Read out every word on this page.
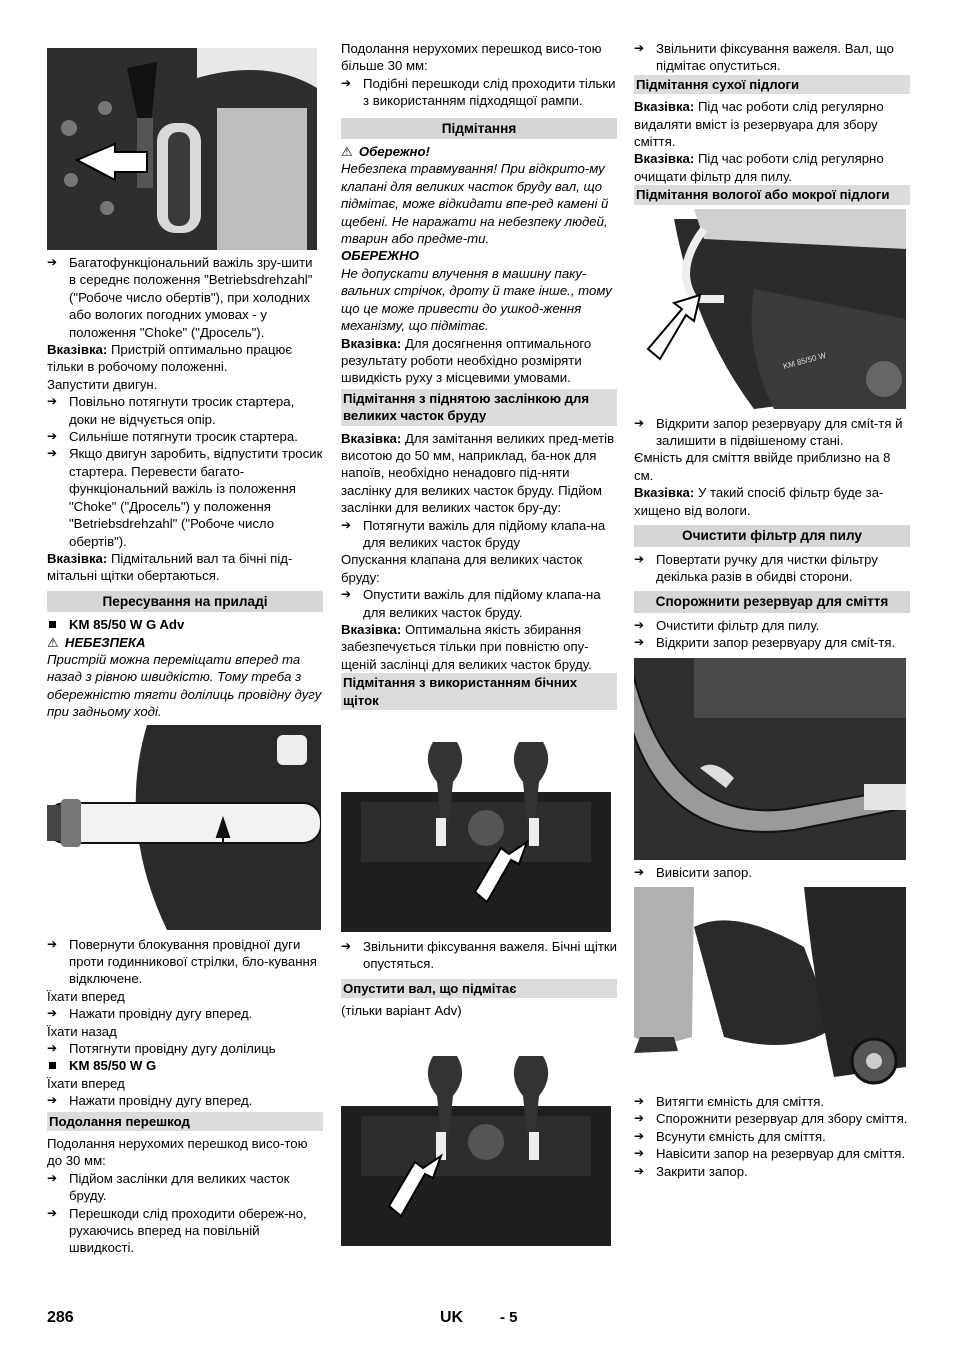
➔ Багатофункціональний важіль зру-шити в середнє положення "Betriebsdrehzahl" ("Робоче число обертів"), при холодних або вологих погодних умовах - у положення "Choke" ("Дросель").

Вказівка: Пристрій оптимально працює тільки в робочому положенні.

Запустити двигун.

➔ Повільно потягнути тросик стартера, доки не відчується опір.

➔ Сильніше потягнути тросик стартера.

➔ Якщо двигун заробить, відпустити тросик стартера. Перевести багато-функціональний важіль із положення "Choke" ("Дросель") у положення "Betriebsdrehzahl" ("Робоче число обертів").

Вказівка: Підмітальний вал та бічні під-мітальні щітки обертаються.

Пересування на приладі

KM 85/50 W G Adv

⚠ НЕБЕЗПЕКА

Пристрій можна переміщати вперед та назад з рівною швидкістю. Тому треба з обережністю тягти долілиць провідну дугу при задньому ході.

➔ Повернути блокування провідної дуги проти годинникової стрілки, бло-кування відключене.

Їхати вперед

➔ Нажати провідну дугу вперед.

Їхати назад

➔ Потягнути провідну дугу долілиць

KM 85/50 W G

Їхати вперед

➔ Нажати провідну дугу вперед.

Подолання перешкод

Подолання нерухомих перешкод висо-тою до 30 мм:

➔ Підйом заслінки для великих часток бруду.

➔ Перешкоди слід проходити обереж-но, рухаючись вперед на повільній швидкості.

Подолання нерухомих перешкод висо-тою більше 30 мм:

➔ Подібні перешкоди слід проходити тільки з використанням підходящої рампи.

Підмітання

⚠ Обережно!

Небезпека травмування! При відкрито-му клапані для великих часток бруду вал, що підмітає, може відкидати впе-ред камені й щебені. Не наражати на небезпеку людей, тварин або предме-ти.

ОБЕРЕЖНО

Не допускати влучення в машину паку-вальних стрічок, дроту й таке інше., тому що це може привести до ушкод-ження механізму, що підмітає.

Вказівка: Для досягнення оптимального результату роботи необхідно розміряти швидкість руху з місцевими умовами.

Підмітання з піднятою заслінкою для великих часток бруду

Вказівка: Для замітання великих пред-метів висотою до 50 мм, наприклад, ба-нок для напоїв, необхідно ненадовго під-няти заслінку для великих часток бруду. Підйом заслінки для великих часток бру-ду:

➔ Потягнути важіль для підйому клапа-на для великих часток бруду

Опускання клапана для великих часток бруду:

➔ Опустити важіль для підйому клапа-на для великих часток бруду.

Вказівка: Оптимальна якість збирання забезпечується тільки при повністю опу-щеній заслінці для великих часток бруду.

Підмітання з використанням бічних щіток

➔ Звільнити фіксування важеля. Бічні щітки опустяться.

Опустити вал, що підмітає

(тільки варіант Adv)

➔ Звільнити фіксування важеля. Вал, що підмітає опуститься.

Підмітання сухої підлоги

Вказівка: Під час роботи слід регулярно видаляти вміст із резервуара для збору сміття.

Вказівка: Під час роботи слід регулярно очищати фільтр для пилу.

Підмітання вологої або мокрої підлоги
KM 85/50 W

➔ Відкрити запор резервуару для смít-тя й залишити в підвішеному стані.

Ємність для сміття ввійде приблизно на 8 см.

Вказівка: У такий спосіб фільтр буде за-хищено від вологи.

Очистити фільтр для пилу

➔ Повертати ручку для чистки фільтру декілька разів в обидві сторони.

Спорожнити резервуар для сміття

➔ Очистити фільтр для пилу.

➔ Відкрити запор резервуару для смít-тя.

➔ Вивісити запор.

➔ Витягти ємність для сміття.

➔ Спорожнити резервуар для збору сміття.

➔ Всунути ємність для сміття.

➔ Навісити запор на резервуар для сміття.

➔ Закрити запор.

286	UK - 5
